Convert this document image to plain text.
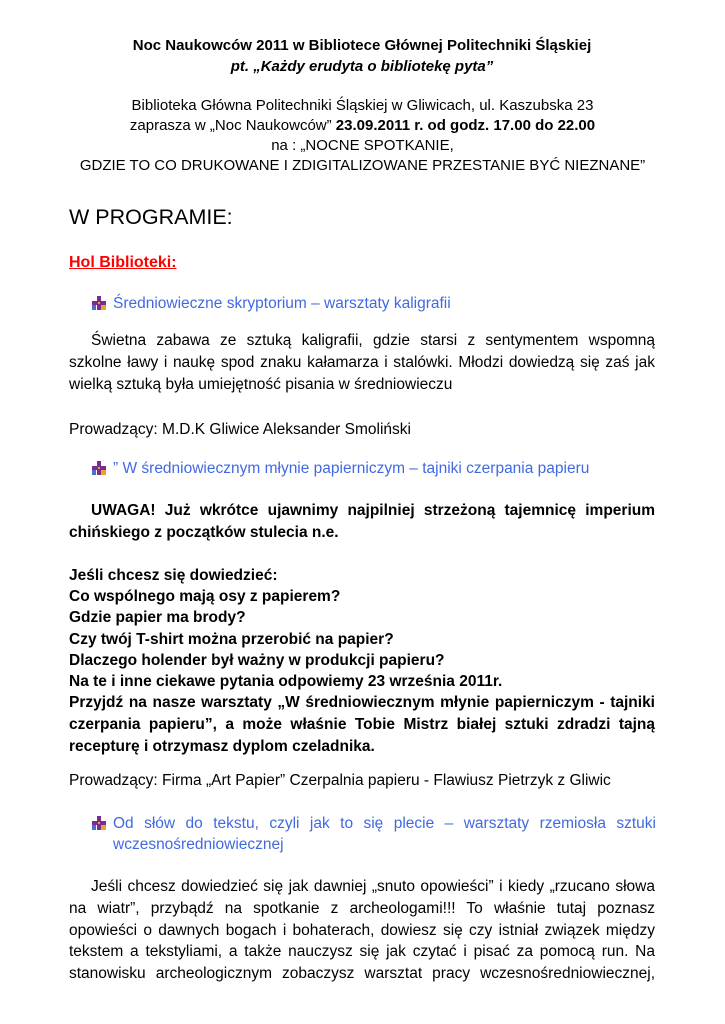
Noc Naukowców 2011 w Bibliotece Głównej Politechniki Śląskiej
pt. „Każdy erudyta o bibliotekę pyta”
Biblioteka Główna Politechniki Śląskiej w Gliwicach, ul. Kaszubska 23
zaprasza w „Noc Naukowców” 23.09.2011 r. od godz. 17.00 do 22.00
na : „NOCNE SPOTKANIE,
GDZIE TO CO DRUKOWANE I ZDIGITALIZOWANE PRZESTANIE BYĆ NIEZNANE”
W PROGRAMIE:
Hol Biblioteki:
Średniowieczne skryptorium – warsztaty kaligrafii
Świetna zabawa ze sztuką kaligrafii, gdzie starsi z sentymentem wspomną szkolne ławy i naukę spod znaku kałamarza i stalówki. Młodzi dowiedzą się zaś jak wielką sztuką była umiejętność pisania w średniowieczu
Prowadzący: M.D.K Gliwice Aleksander Smoliński
” W średniowiecznym młynie papierniczym – tajniki czerpania papieru
UWAGA! Już wkrótce ujawnimy najpilniej strzeżoną tajemnicę imperium chińskiego z początków stulecia n.e.
Jeśli chcesz się dowiedzieć:
Co wspólnego mają osy z papierem?
Gdzie papier ma brody?
Czy twój T-shirt można przerobić na papier?
Dlaczego holender był ważny w produkcji papieru?
Na te i inne ciekawe pytania odpowiemy 23 września 2011r.
Przyjdź na nasze warsztaty „W średniowiecznym młynie papierniczym - tajniki czerpania papieru”, a może właśnie Tobie Mistrz białej sztuki zdradzi tajną recepturę i otrzymasz dyplom czeladnika.
Prowadzący: Firma „Art Papier” Czerpalnia papieru - Flawiusz Pietrzyk z Gliwic
Od słów do tekstu, czyli jak to się plecie – warsztaty rzemiosła sztuki wczesnośredniowiecznej
Jeśli chcesz dowiedzieć się jak dawniej „snuto opowieści” i kiedy „rzucano słowa na wiatr”, przybądź na spotkanie z archeologami!!! To właśnie tutaj poznasz opowieści o dawnych bogach i bohaterach, dowiesz się czy istniał związek między tekstem a tekstyliami, a także nauczysz się jak czytać i pisać za pomocą run. Na stanowisku archeologicznym zobaczysz warsztat pracy wczesnośredniowiecznej,
